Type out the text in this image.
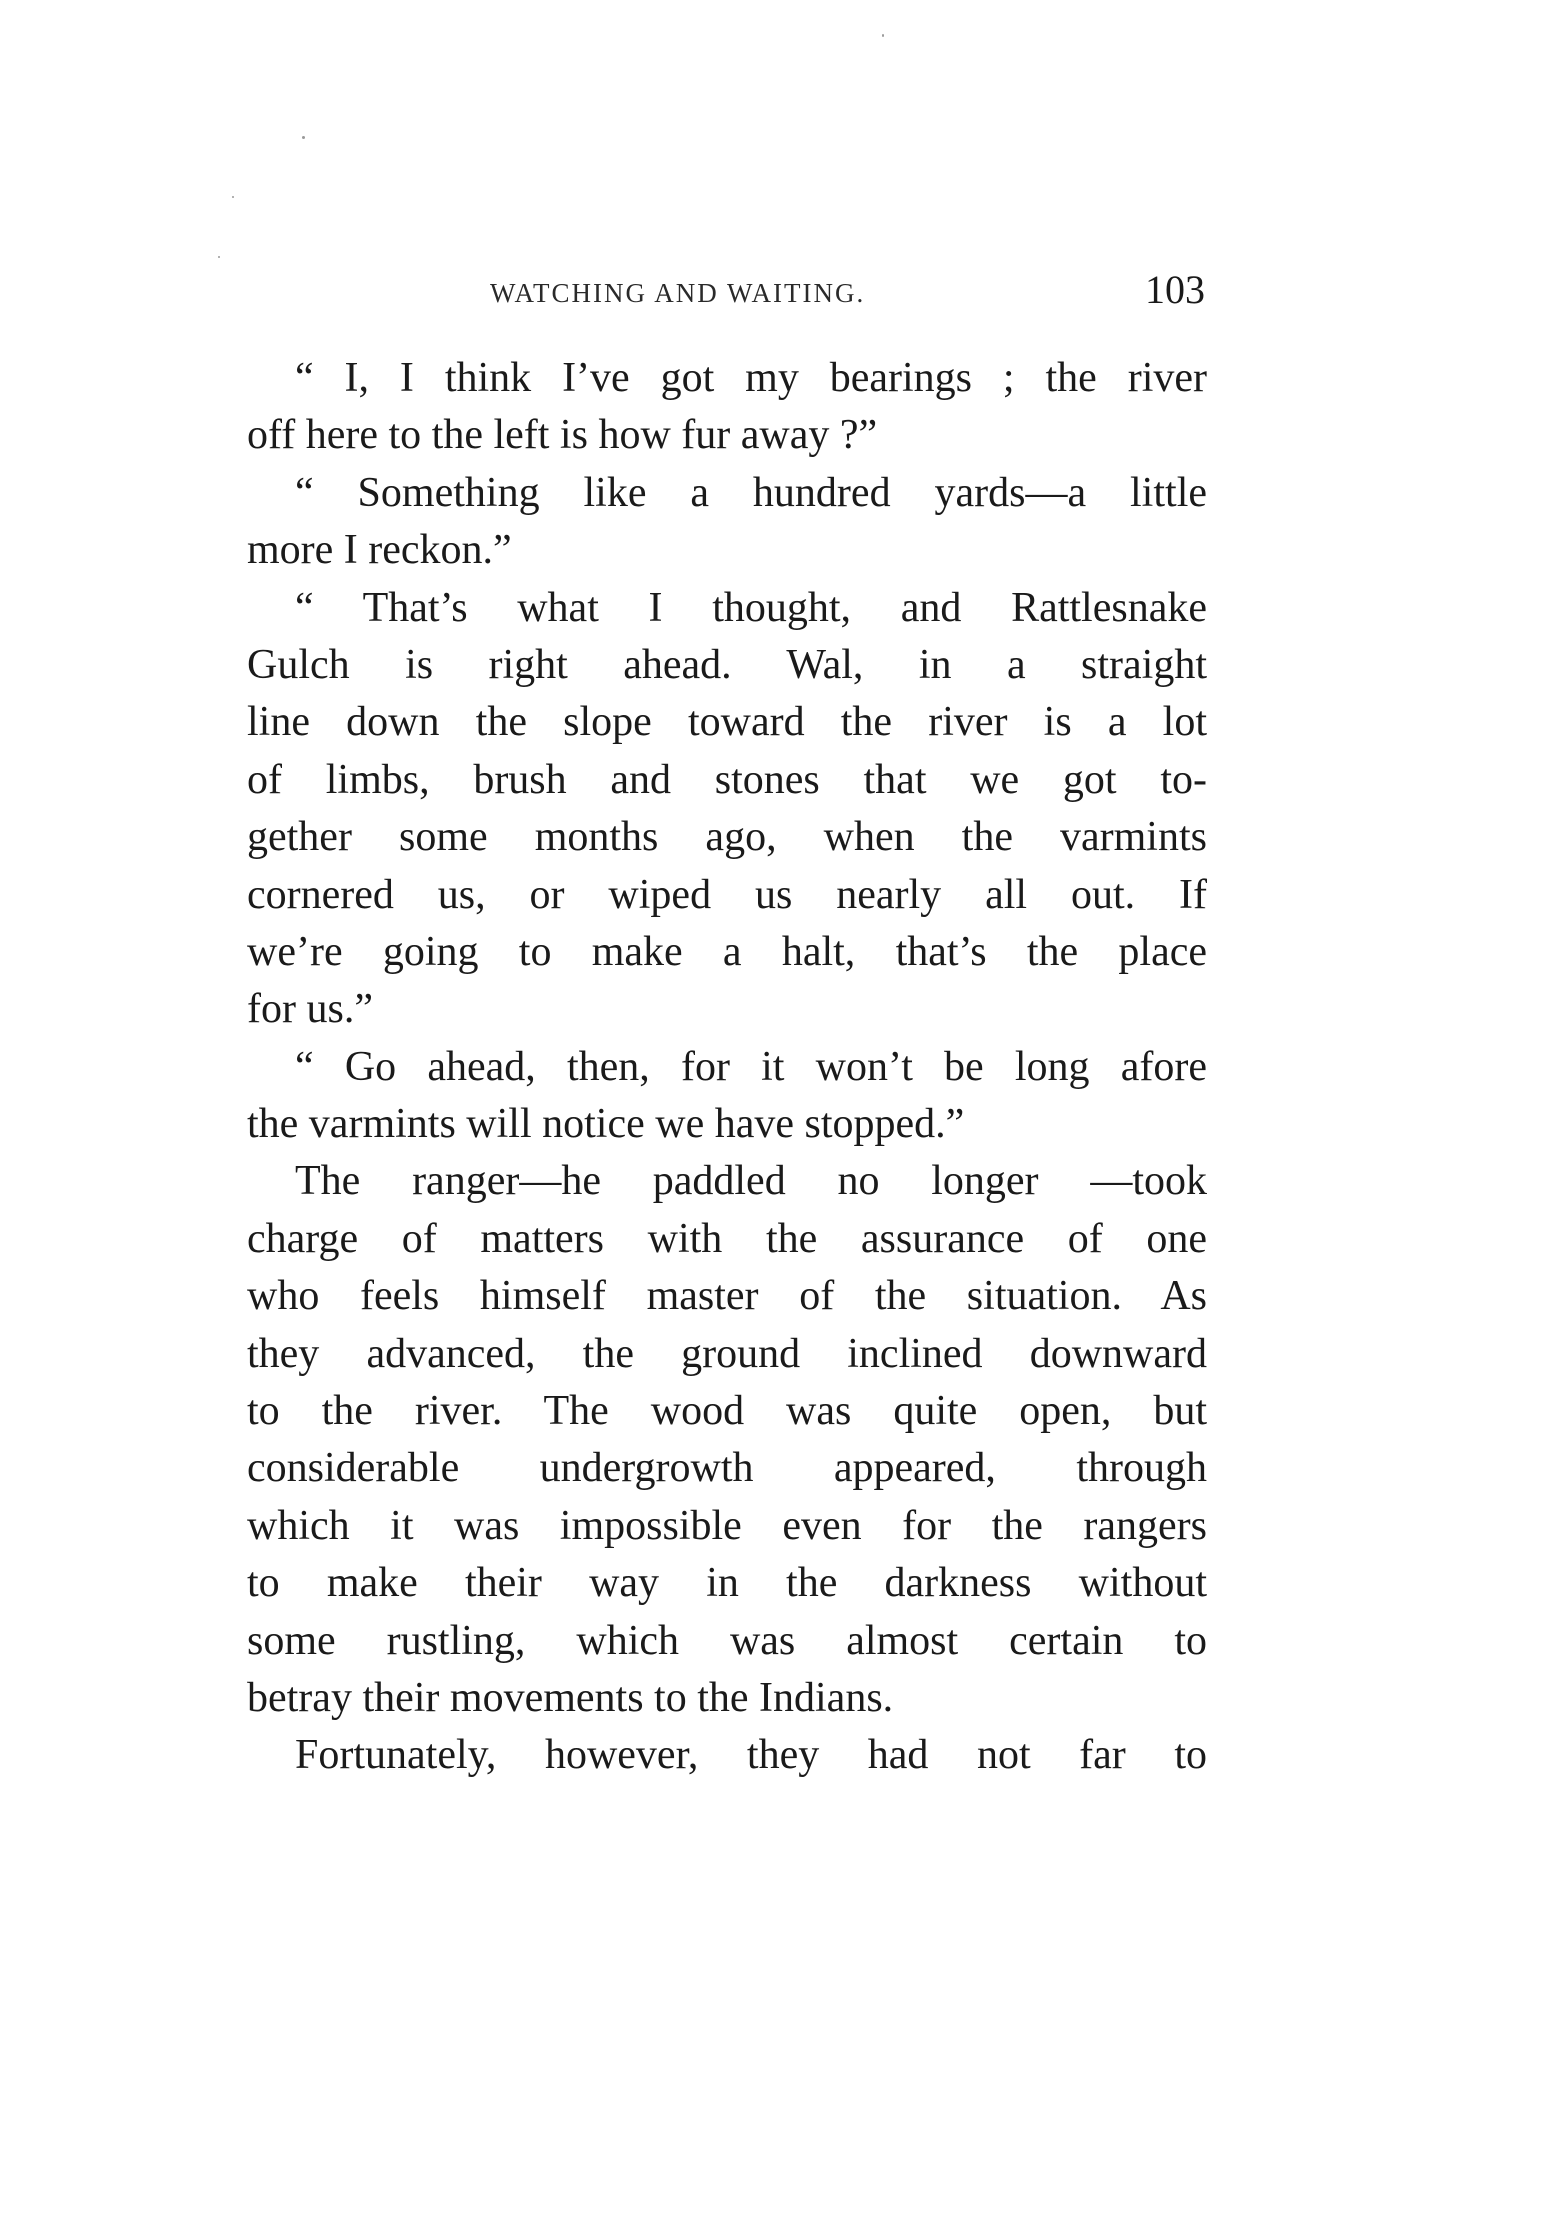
WATCHING AND WAITING.	103
“ I, I think I’ve got my bearings ; the river
off here to the left is how fur away ?”
“ Something like a hundred yards—a little
more I reckon.”
“ That’s what I thought, and Rattlesnake
Gulch is right ahead. Wal, in a straight
line down the slope toward the river is a lot
of limbs, brush and stones that we got to-
gether some months ago, when the varmints
cornered us, or wiped us nearly all out. If
we’re going to make a halt, that’s the place
for us.”
“ Go ahead, then, for it won’t be long afore
the varmints will notice we have stopped.”
The ranger—he paddled no longer —took
charge of matters with the assurance of one
who feels himself master of the situation. As
they advanced, the ground inclined downward
to the river. The wood was quite open, but
considerable undergrowth appeared, through
which it was impossible even for the rangers
to make their way in the darkness without
some rustling, which was almost certain to
betray their movements to the Indians.
Fortunately, however, they had not far to
